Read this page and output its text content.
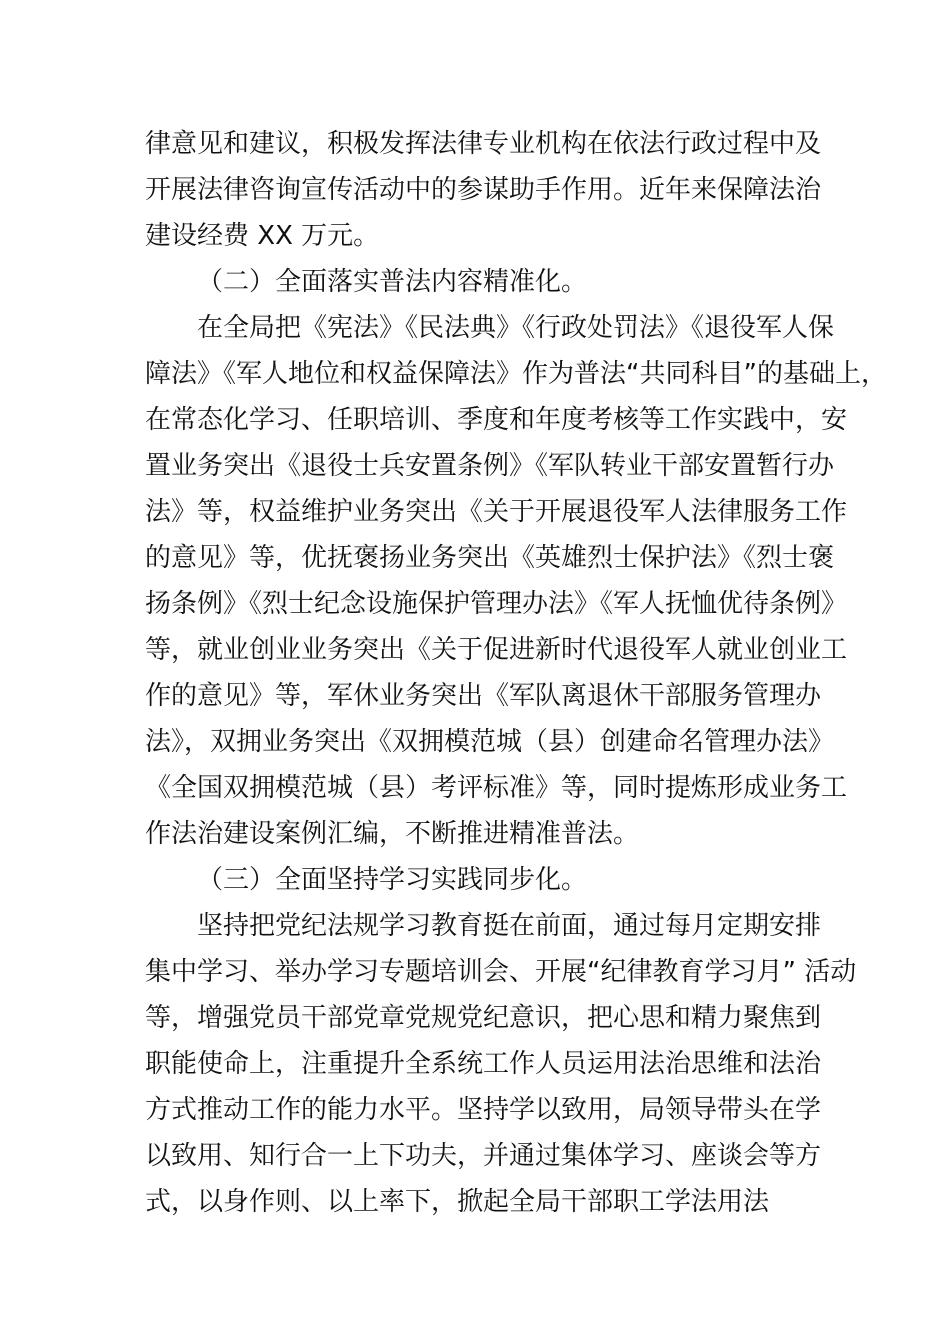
律意见和建议，积极发挥法律专业机构在依法行政过程中及
开展法律咨询宣传活动中的参谋助手作用。近年来保障法治
建设经费 XX 万元。
（二）全面落实普法内容精准化。
在全局把《宪法》《民法典》《行政处罚法》《退役军人保
障法》《军人地位和权益保障法》作为普法“共同科目”的基础上，
在常态化学习、任职培训、季度和年度考核等工作实践中，安
置业务突出《退役士兵安置条例》《军队转业干部安置暂行办
法》等，权益维护业务突出《关于开展退役军人法律服务工作
的意见》等，优抚褒扬业务突出《英雄烈士保护法》《烈士褒
扬条例》《烈士纪念设施保护管理办法》《军人抚恤优待条例》
等，就业创业业务突出《关于促进新时代退役军人就业创业工
作的意见》等，军休业务突出《军队离退休干部服务管理办
法》，双拥业务突出《双拥模范城（县）创建命名管理办法》
《全国双拥模范城（县）考评标准》等，同时提炼形成业务工
作法治建设案例汇编，不断推进精准普法。
（三）全面坚持学习实践同步化。
坚持把党纪法规学习教育挺在前面，通过每月定期安排
集中学习、举办学习专题培训会、开展“纪律教育学习月” 活动
等，增强党员干部党章党规党纪意识，把心思和精力聚焦到
职能使命上，注重提升全系统工作人员运用法治思维和法治
方式推动工作的能力水平。坚持学以致用，局领导带头在学
以致用、知行合一上下功夫，并通过集体学习、座谈会等方
式，以身作则、以上率下，掀起全局干部职工学法用法
